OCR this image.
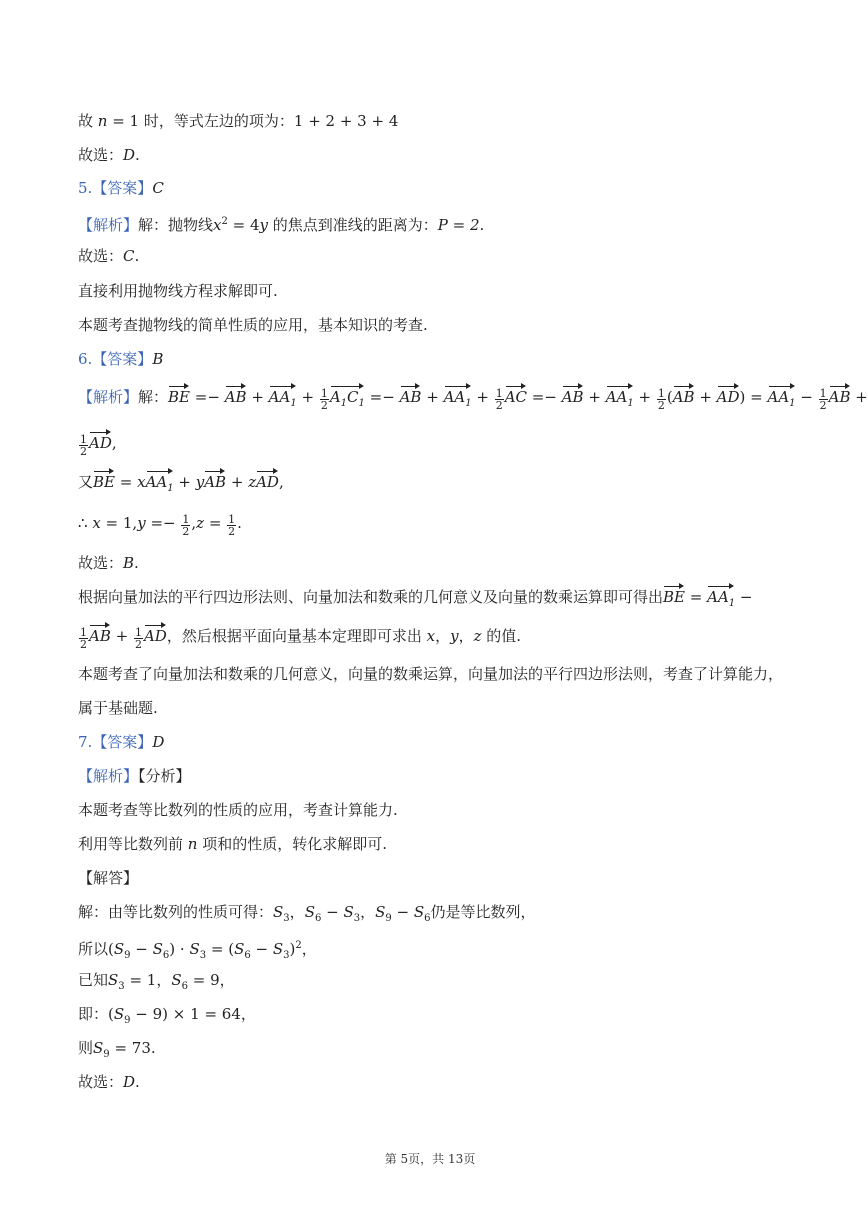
故 n = 1 时，等式左边的项为：1 + 2 + 3 + 4
故选：D.
5.【答案】C
【解析】解：抛物线$x^2 = 4y$ 的焦点到准线的距离为：P = 2.
故选：C.
直接利用抛物线方程求解即可.
本题考查抛物线的简单性质的应用，基本知识的考查.
6.【答案】B
【解析】解：BE =− AB + $AA_1 + \frac{1}{2} A_1C_1$ =− AB + $AA_1 + \frac{1}{2}$ AC =− AB + $AA_1 + \frac{1}{2} (AB + AD) = AA_1 - \frac{1}{2}$ AB +
$\frac{1}{2}$ AD,
又BE = xAA$_1$ + yAB + zAD,
∴ $x = 1,y =- \frac{1}{2} ,z = \frac{1}{2}$ .
故选：B.
根据向量加法的平行四边形法则、向量加法和数乘的几何意义及向量的数乘运算即可得出BE = $AA_1$ −
$\frac{1}{2}$ AB + $\frac{1}{2}$ AD，然后根据平面向量基本定理即可求出 x，y，z 的值.
本题考查了向量加法和数乘的几何意义，向量的数乘运算，向量加法的平行四边形法则，考查了计算能力，
属于基础题.
7.【答案】D
【解析】【分析】
本题考查等比数列的性质的应用，考查计算能力.
利用等比数列前 n 项和的性质，转化求解即可.
【解答】
解：由等比数列的性质可得：$S_3$，$S_6 - S_3$，$S_9 - S_6$仍是等比数列，
所以$(S_9 - S_6) \cdot S_3 = (S_6 - S_3)^2$，
已知$S_3 = 1$，$S_6 = 9$，
即：$(S_9 - 9) \times 1 = 64$，
则$S_9 = 73$.
故选：D.
第 5页，共 13页
